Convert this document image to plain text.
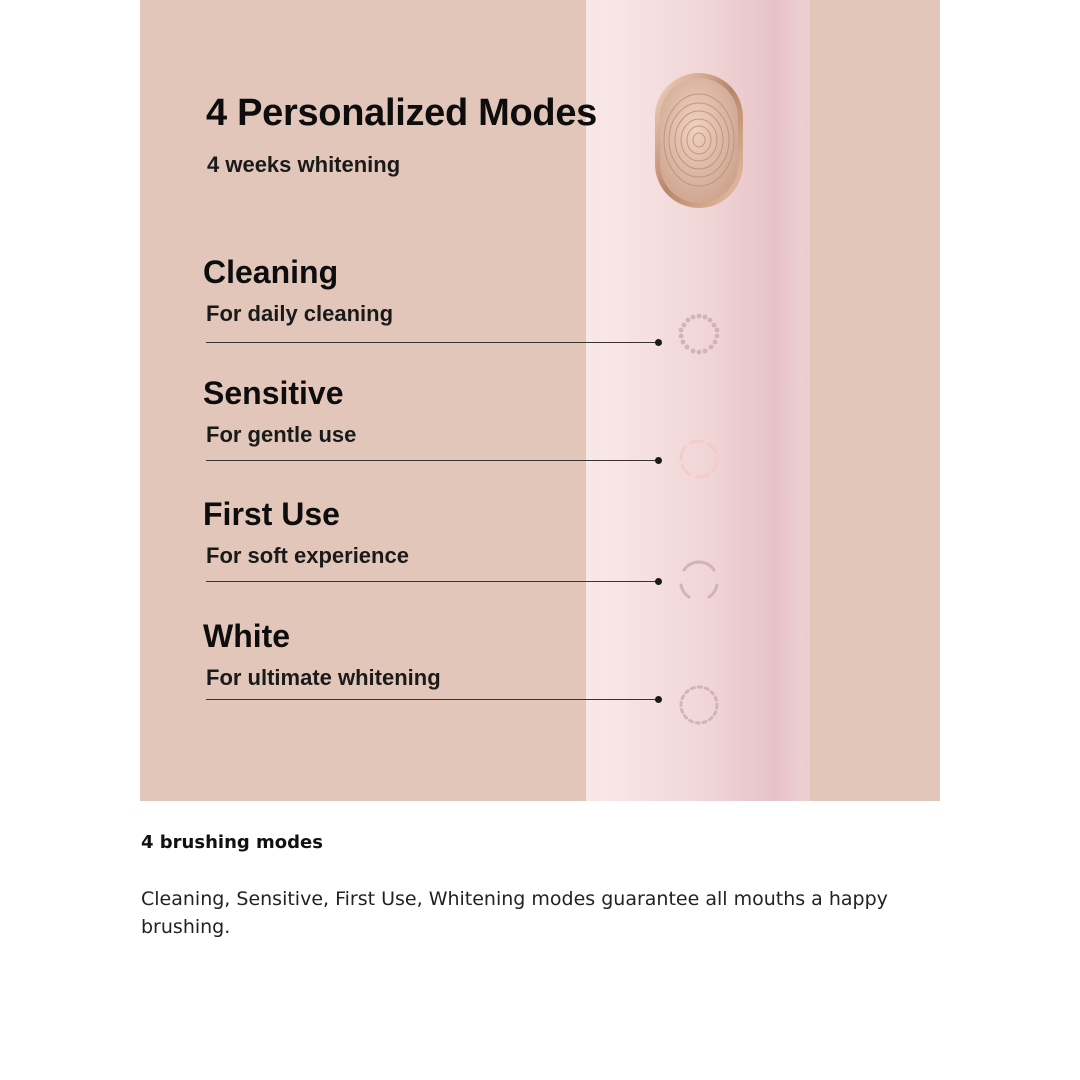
4 Personalized Modes

4 weeks whitening

Cleaning

For daily cleaning

Sensitive

For gentle use

First Use

For soft experience

White

For ultimate whitening

4 brushing modes

Cleaning, Sensitive, First Use, Whitening modes guarantee all mouths a happy brushing.
